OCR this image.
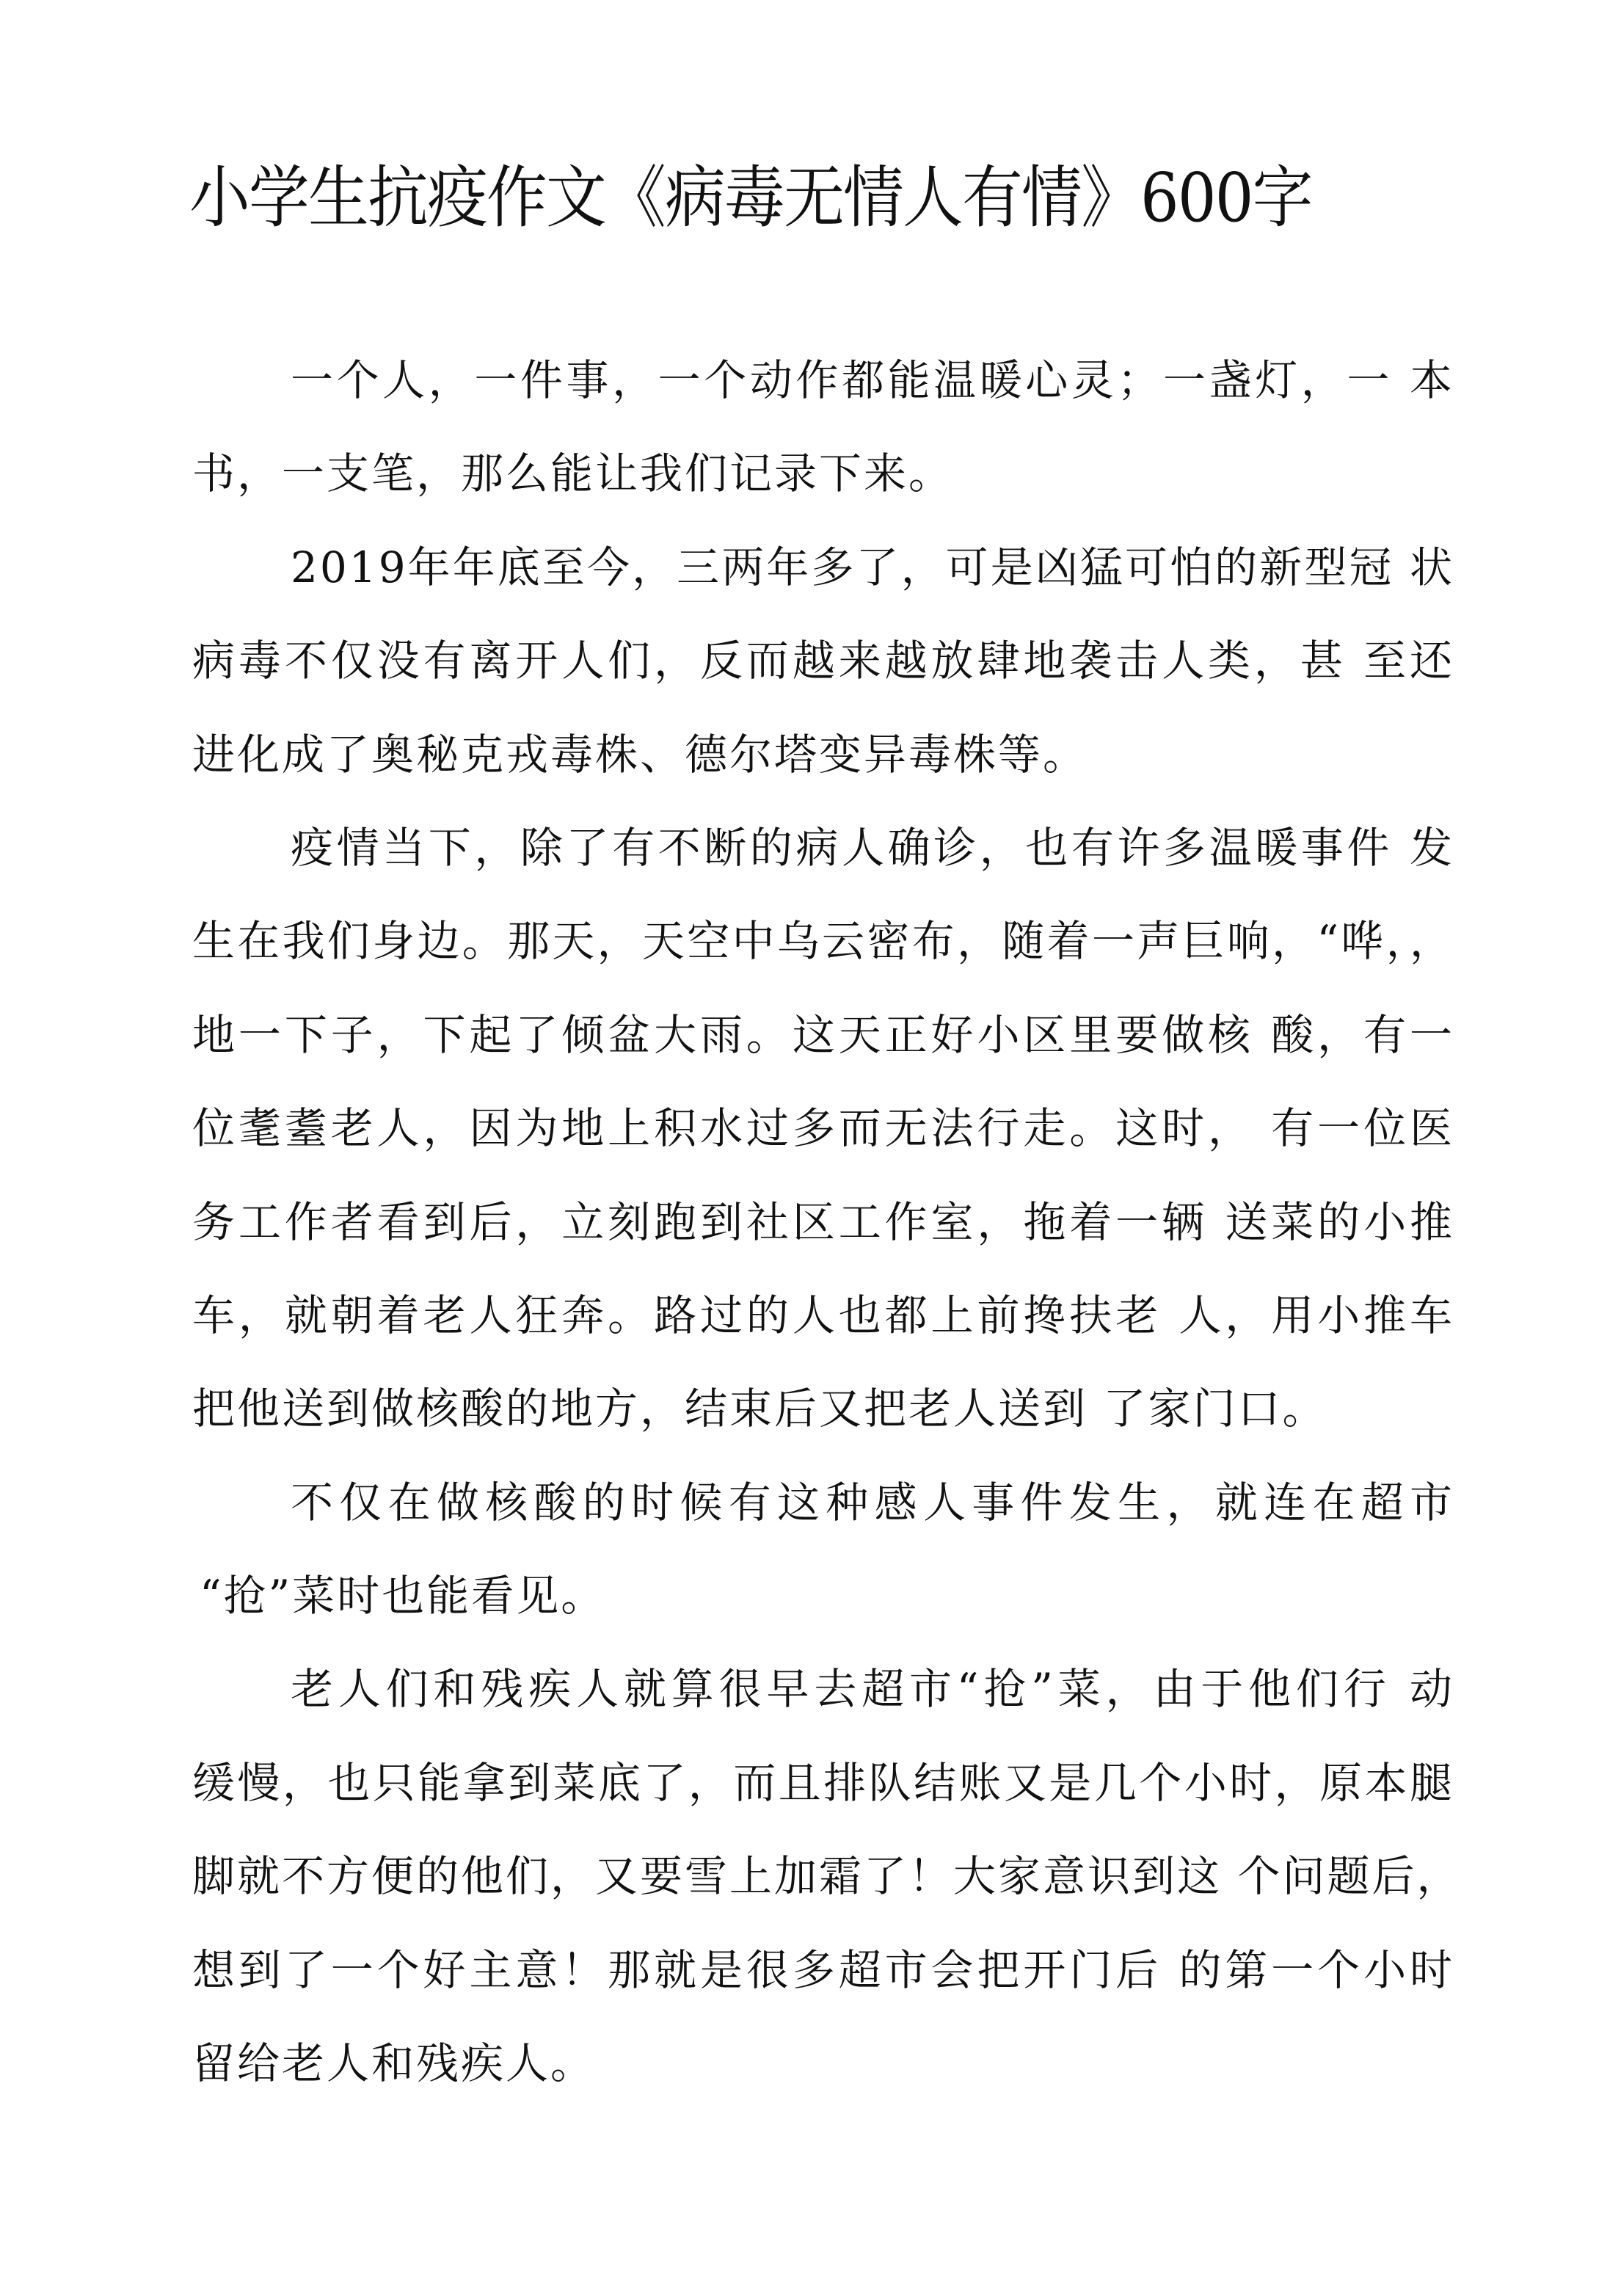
小学生抗疫作文《病毒无情人有情》600字
一个人，一件事，一个动作都能温暖心灵；一盏灯，一 本
书，一支笔，那么能让我们记录下来。
2019年年底至今，三两年多了，可是凶猛可怕的新型冠 状
病毒不仅没有离开人们，反而越来越放肆地袭击人类，甚 至还
进化成了奥秘克戎毒株、德尔塔变异毒株等。
疫情当下，除了有不断的病人确诊，也有许多温暖事件 发
生在我们身边。那天，天空中乌云密布，随着一声巨响，“哗，，
地一下子，下起了倾盆大雨。这天正好小区里要做核 酸，有一
位耄耋老人，因为地上积水过多而无法行走。这时， 有一位医
务工作者看到后，立刻跑到社区工作室，拖着一辆 送菜的小推
车，就朝着老人狂奔。路过的人也都上前搀扶老 人，用小推车
把他送到做核酸的地方，结束后又把老人送到 了家门口。
不仅在做核酸的时候有这种感人事件发生，就连在超市
“抢”菜时也能看见。
老人们和残疾人就算很早去超市“抢”菜，由于他们行 动
缓慢，也只能拿到菜底了，而且排队结账又是几个小时，原本腿
脚就不方便的他们，又要雪上加霜了！大家意识到这 个问题后，
想到了一个好主意！那就是很多超市会把开门后 的第一个小时
留给老人和残疾人。
